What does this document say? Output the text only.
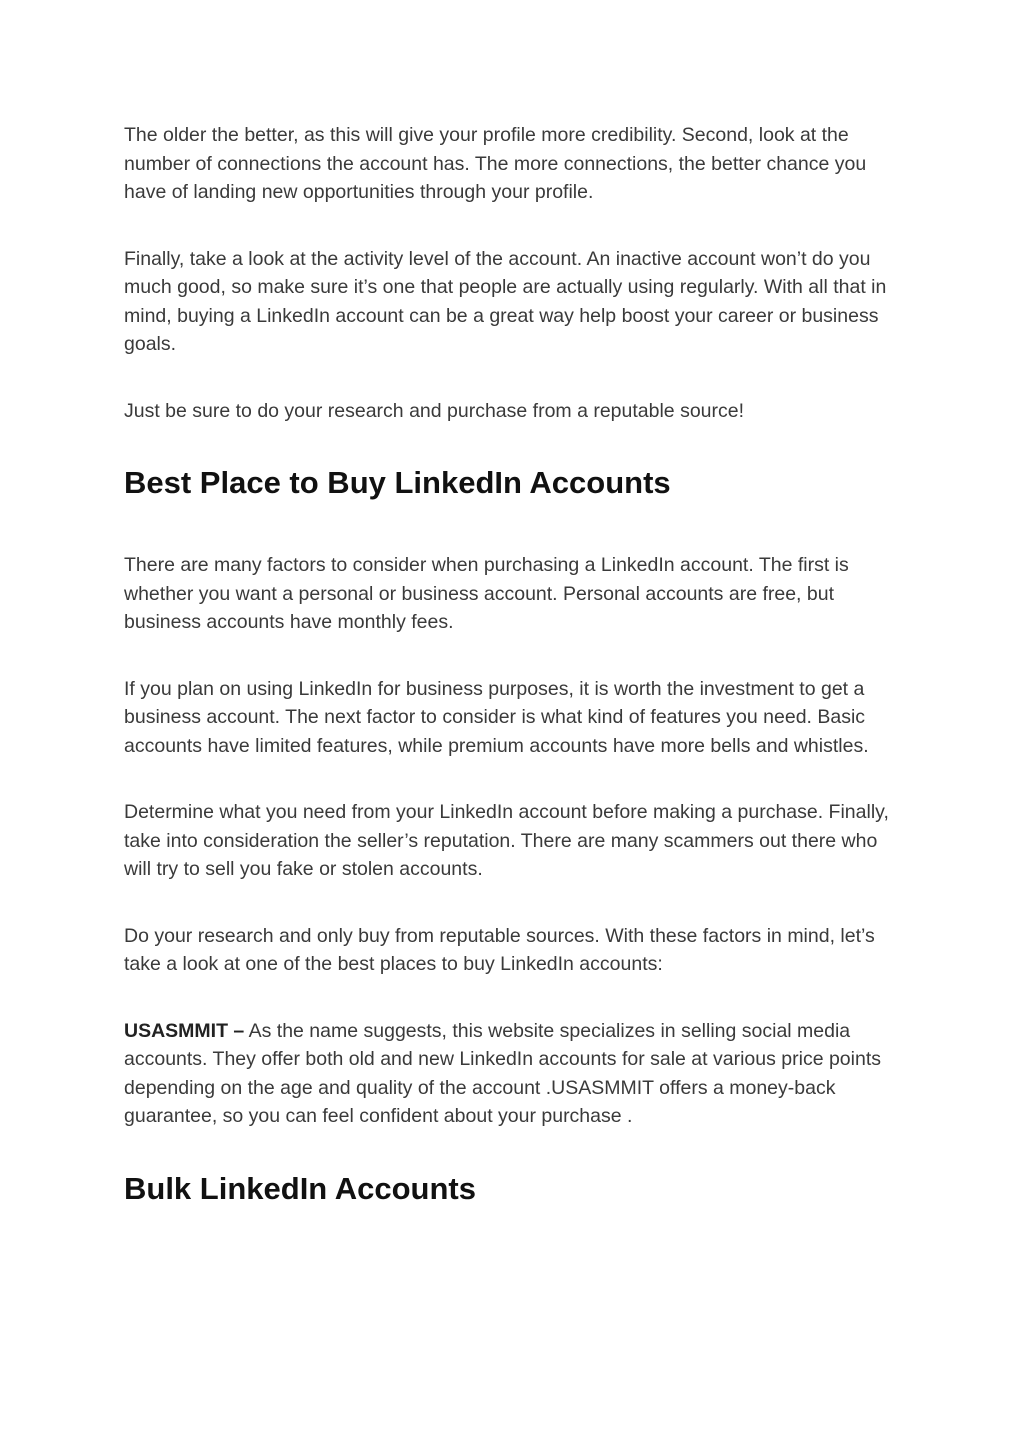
The older the better, as this will give your profile more credibility. Second, look at the number of connections the account has. The more connections, the better chance you have of landing new opportunities through your profile.

Finally, take a look at the activity level of the account. An inactive account won’t do you much good, so make sure it’s one that people are actually using regularly. With all that in mind, buying a LinkedIn account can be a great way help boost your career or business goals.

Just be sure to do your research and purchase from a reputable source!

Best Place to Buy LinkedIn Accounts

There are many factors to consider when purchasing a LinkedIn account. The first is whether you want a personal or business account. Personal accounts are free, but business accounts have monthly fees.

If you plan on using LinkedIn for business purposes, it is worth the investment to get a business account. The next factor to consider is what kind of features you need. Basic accounts have limited features, while premium accounts have more bells and whistles.

Determine what you need from your LinkedIn account before making a purchase. Finally, take into consideration the seller’s reputation. There are many scammers out there who will try to sell you fake or stolen accounts.

Do your research and only buy from reputable sources. With these factors in mind, let’s take a look at one of the best places to buy LinkedIn accounts:

USASMMIT – As the name suggests, this website specializes in selling social media accounts. They offer both old and new LinkedIn accounts for sale at various price points depending on the age and quality of the account .USASMMIT offers a money-back guarantee, so you can feel confident about your purchase .

Bulk LinkedIn Accounts
